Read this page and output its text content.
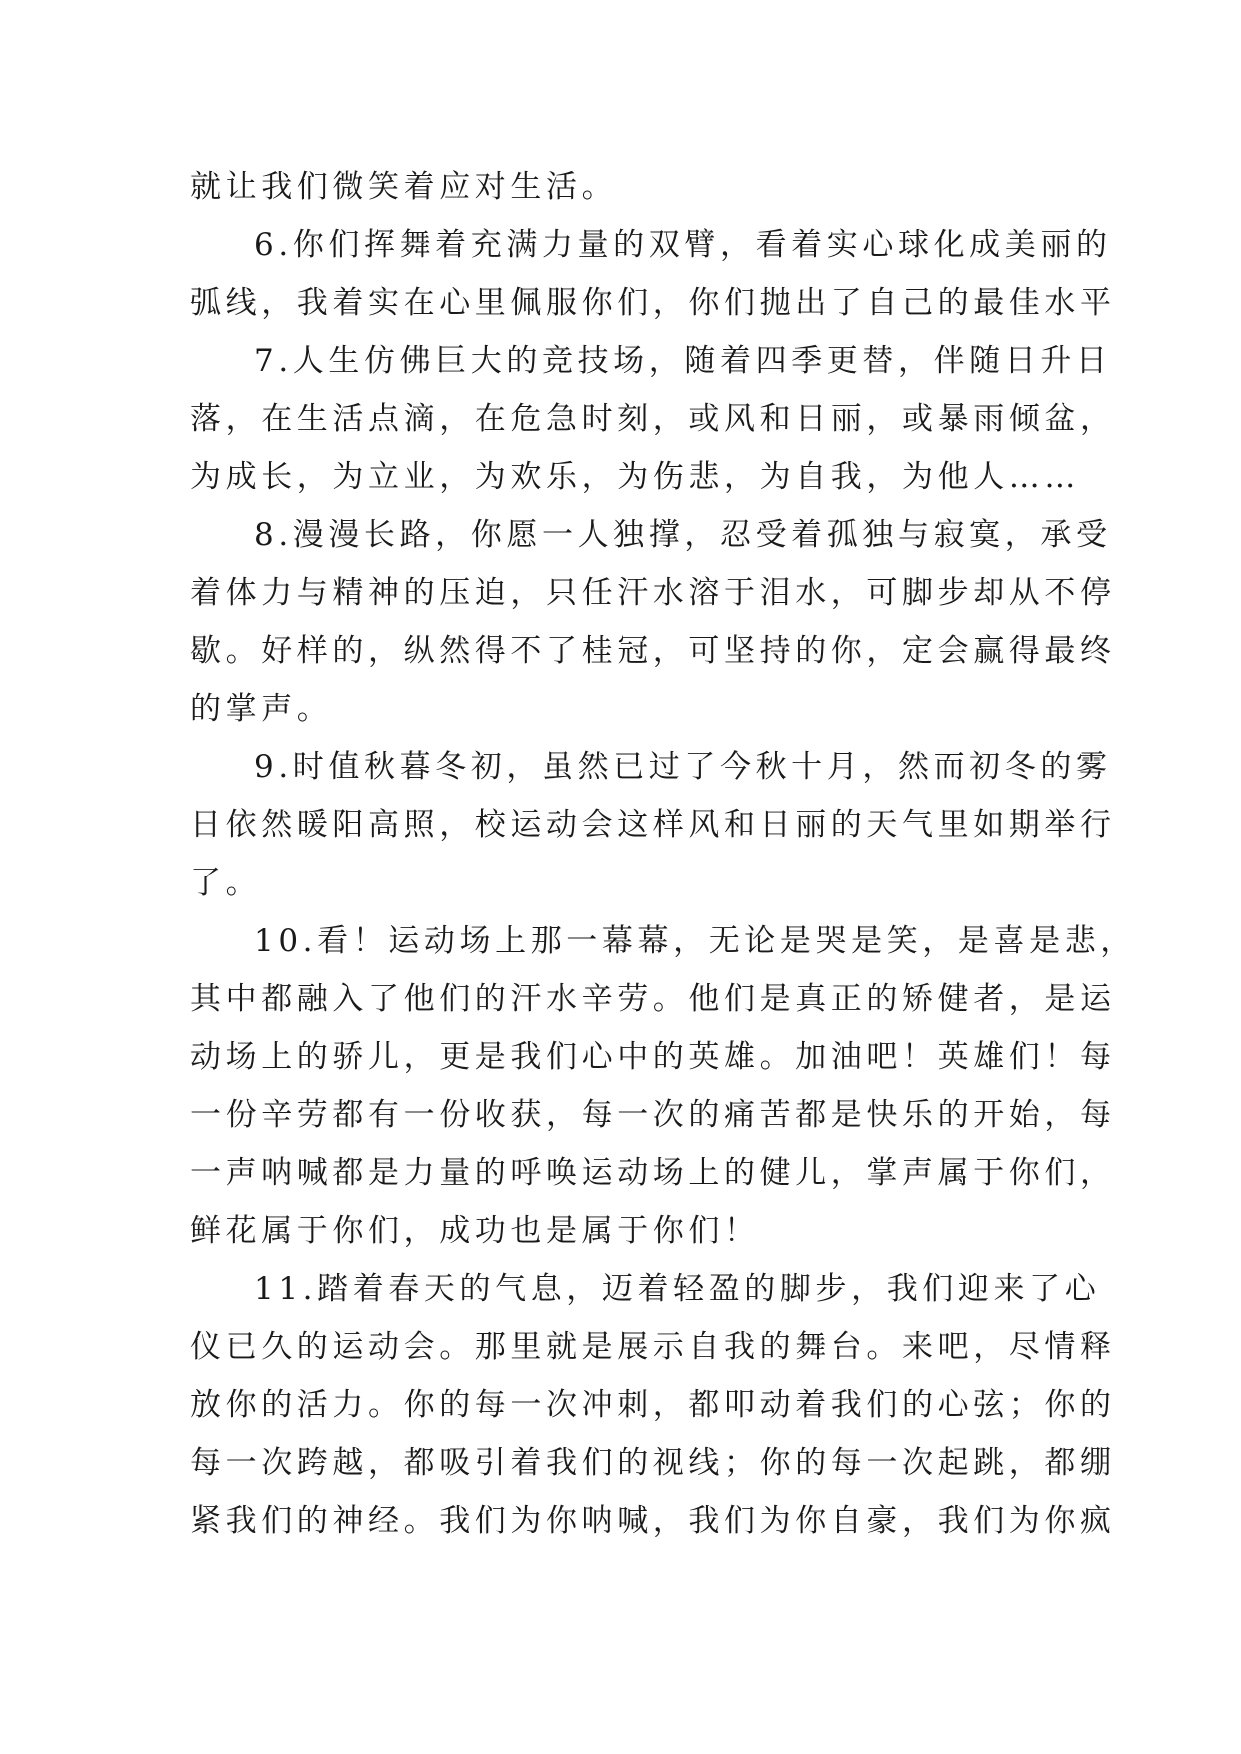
就让我们微笑着应对生活。
6.你们挥舞着充满力量的双臂，看着实心球化成美丽的
弧线，我着实在心里佩服你们，你们抛出了自己的最佳水平
7.人生仿佛巨大的竞技场，随着四季更替，伴随日升日
落，在生活点滴，在危急时刻，或风和日丽，或暴雨倾盆，
为成长，为立业，为欢乐，为伤悲，为自我，为他人……
8.漫漫长路，你愿一人独撑，忍受着孤独与寂寞，承受
着体力与精神的压迫，只任汗水溶于泪水，可脚步却从不停
歇。好样的，纵然得不了桂冠，可坚持的你，定会赢得最终
的掌声。
9.时值秋暮冬初，虽然已过了今秋十月，然而初冬的雾
日依然暖阳高照，校运动会这样风和日丽的天气里如期举行
了。
10.看！运动场上那一幕幕，无论是哭是笑，是喜是悲，
其中都融入了他们的汗水辛劳。他们是真正的矫健者，是运
动场上的骄儿，更是我们心中的英雄。加油吧！英雄们！每
一份辛劳都有一份收获，每一次的痛苦都是快乐的开始，每
一声呐喊都是力量的呼唤运动场上的健儿，掌声属于你们，
鲜花属于你们，成功也是属于你们！
11.踏着春天的气息，迈着轻盈的脚步，我们迎来了心
仪已久的运动会。那里就是展示自我的舞台。来吧，尽情释
放你的活力。你的每一次冲刺，都叩动着我们的心弦；你的
每一次跨越，都吸引着我们的视线；你的每一次起跳，都绷
紧我们的神经。我们为你呐喊，我们为你自豪，我们为你疯
